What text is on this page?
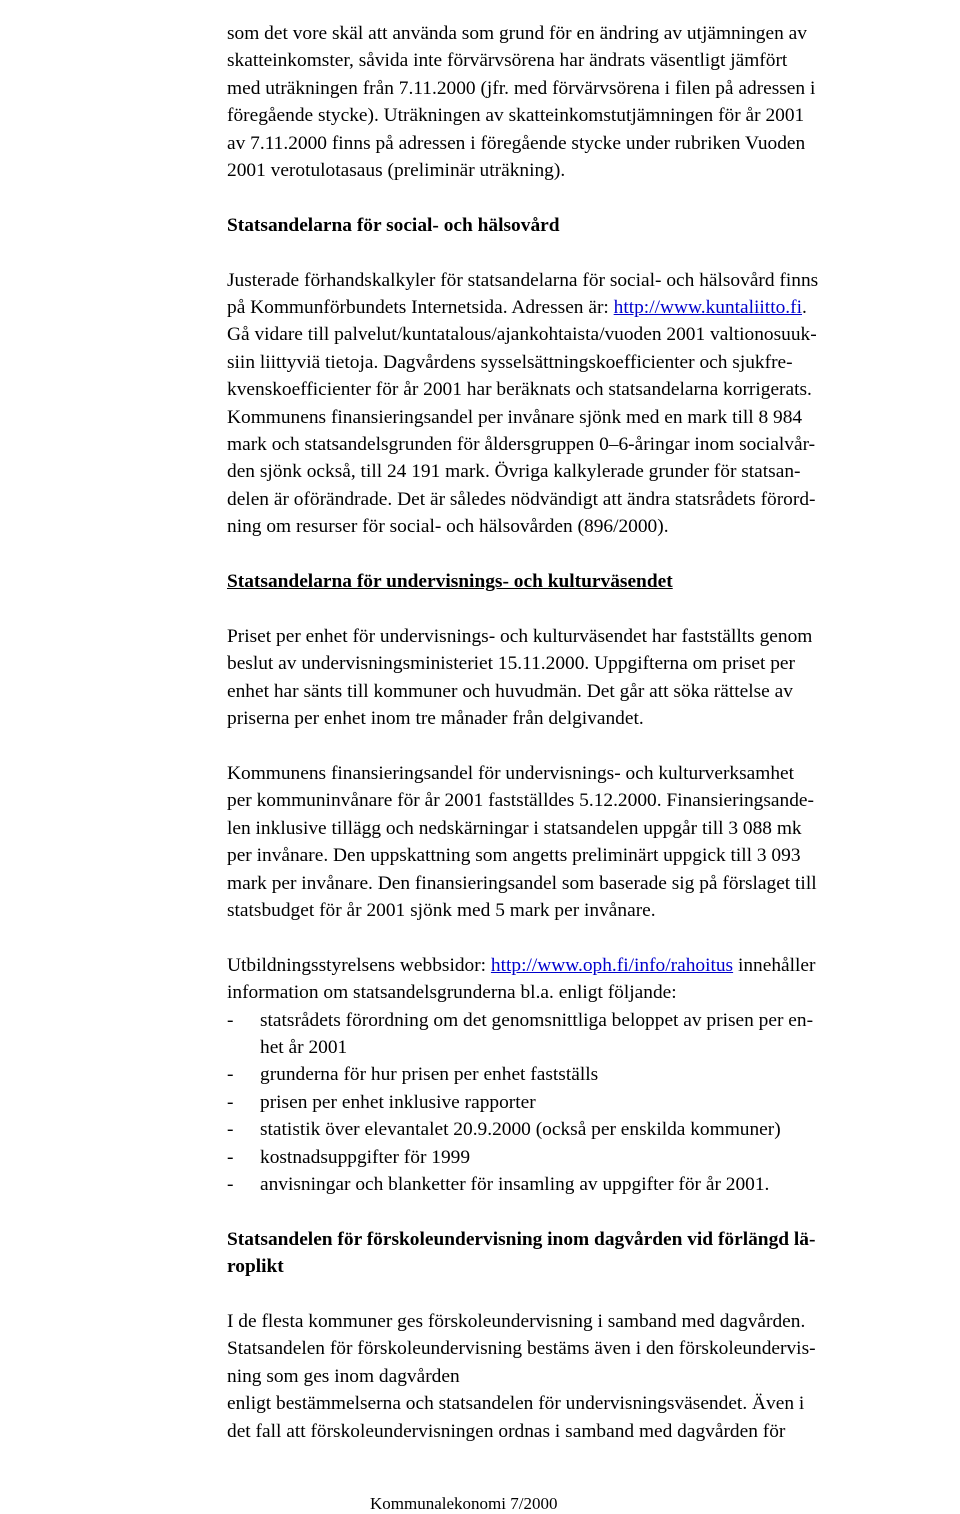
som det vore skäl att använda som grund för en ändring av utjämningen av
skatteinkomster, såvida inte förvärvsörena har ändrats väsentligt jämfört
med uträkningen från 7.11.2000 (jfr. med förvärvsörena i filen på adressen i
föregående stycke). Uträkningen av skatteinkomstutjämningen för år 2001
av 7.11.2000 finns på adressen i föregående stycke under rubriken Vuoden
2001 verotulotasaus (preliminär uträkning).

Statsandelarna för social- och hälsovård

Justerade förhandskalkyler för statsandelarna för social- och hälsovård finns
på Kommunförbundets Internetsida. Adressen är: http://www.kuntaliitto.fi.
Gå vidare till palvelut/kuntatalous/ajankohtaista/vuoden 2001 valtionosuuk-
siin liittyviä tietoja. Dagvårdens sysselsättningskoefficienter och sjukfre-
kvenskoefficienter för år 2001 har beräknats och statsandelarna korrigerats.
Kommunens finansieringsandel per invånare sjönk med en mark till 8 984
mark och statsandelsgrunden för åldersgruppen 0–6-åringar inom socialvår-
den sjönk också, till 24 191 mark. Övriga kalkylerade grunder för statsan-
delen är oförändrade. Det är således nödvändigt att ändra statsrådets förord-
ning om resurser för social- och hälsovården (896/2000).

Statsandelarna för undervisnings- och kulturväsendet

Priset per enhet för undervisnings- och kulturväsendet har fastställts genom
beslut av undervisningsministeriet 15.11.2000. Uppgifterna om priset per
enhet har sänts till kommuner och huvudmän. Det går att söka rättelse av
priserna per enhet inom tre månader från delgivandet.

Kommunens finansieringsandel för undervisnings- och kulturverksamhet
per kommuninvånare för år 2001 fastställdes 5.12.2000. Finansieringsande-
len inklusive tillägg och nedskärningar i statsandelen uppgår till 3 088 mk
per invånare. Den uppskattning som angetts preliminärt uppgick till 3 093
mark per invånare. Den finansieringsandel som baserade sig på förslaget till
statsbudget för år 2001 sjönk med 5 mark per invånare.

Utbildningsstyrelsens webbsidor: http://www.oph.fi/info/rahoitus innehåller
information om statsandelsgrunderna bl.a. enligt följande:

-	statsrådets förordning om det genomsnittliga beloppet av prisen per en-
het år 2001
-	grunderna för hur prisen per enhet fastställs
-	prisen per enhet inklusive rapporter
-	statistik över elevantalet 20.9.2000 (också per enskilda kommuner)
-	kostnadsuppgifter för 1999
-	anvisningar och blanketter för insamling av uppgifter för år 2001.
Statsandelen för förskoleundervisning inom dagvården vid förlängd lä-
roplikt

I de flesta kommuner ges förskoleundervisning i samband med dagvården.
Statsandelen för förskoleundervisning bestäms även i den förskoleundervis-
ning som ges inom dagvården
enligt bestämmelserna och statsandelen för undervisningsväsendet. Även i
det fall att förskoleundervisningen ordnas i samband med dagvården för

Kommunalekonomi 7/2000
